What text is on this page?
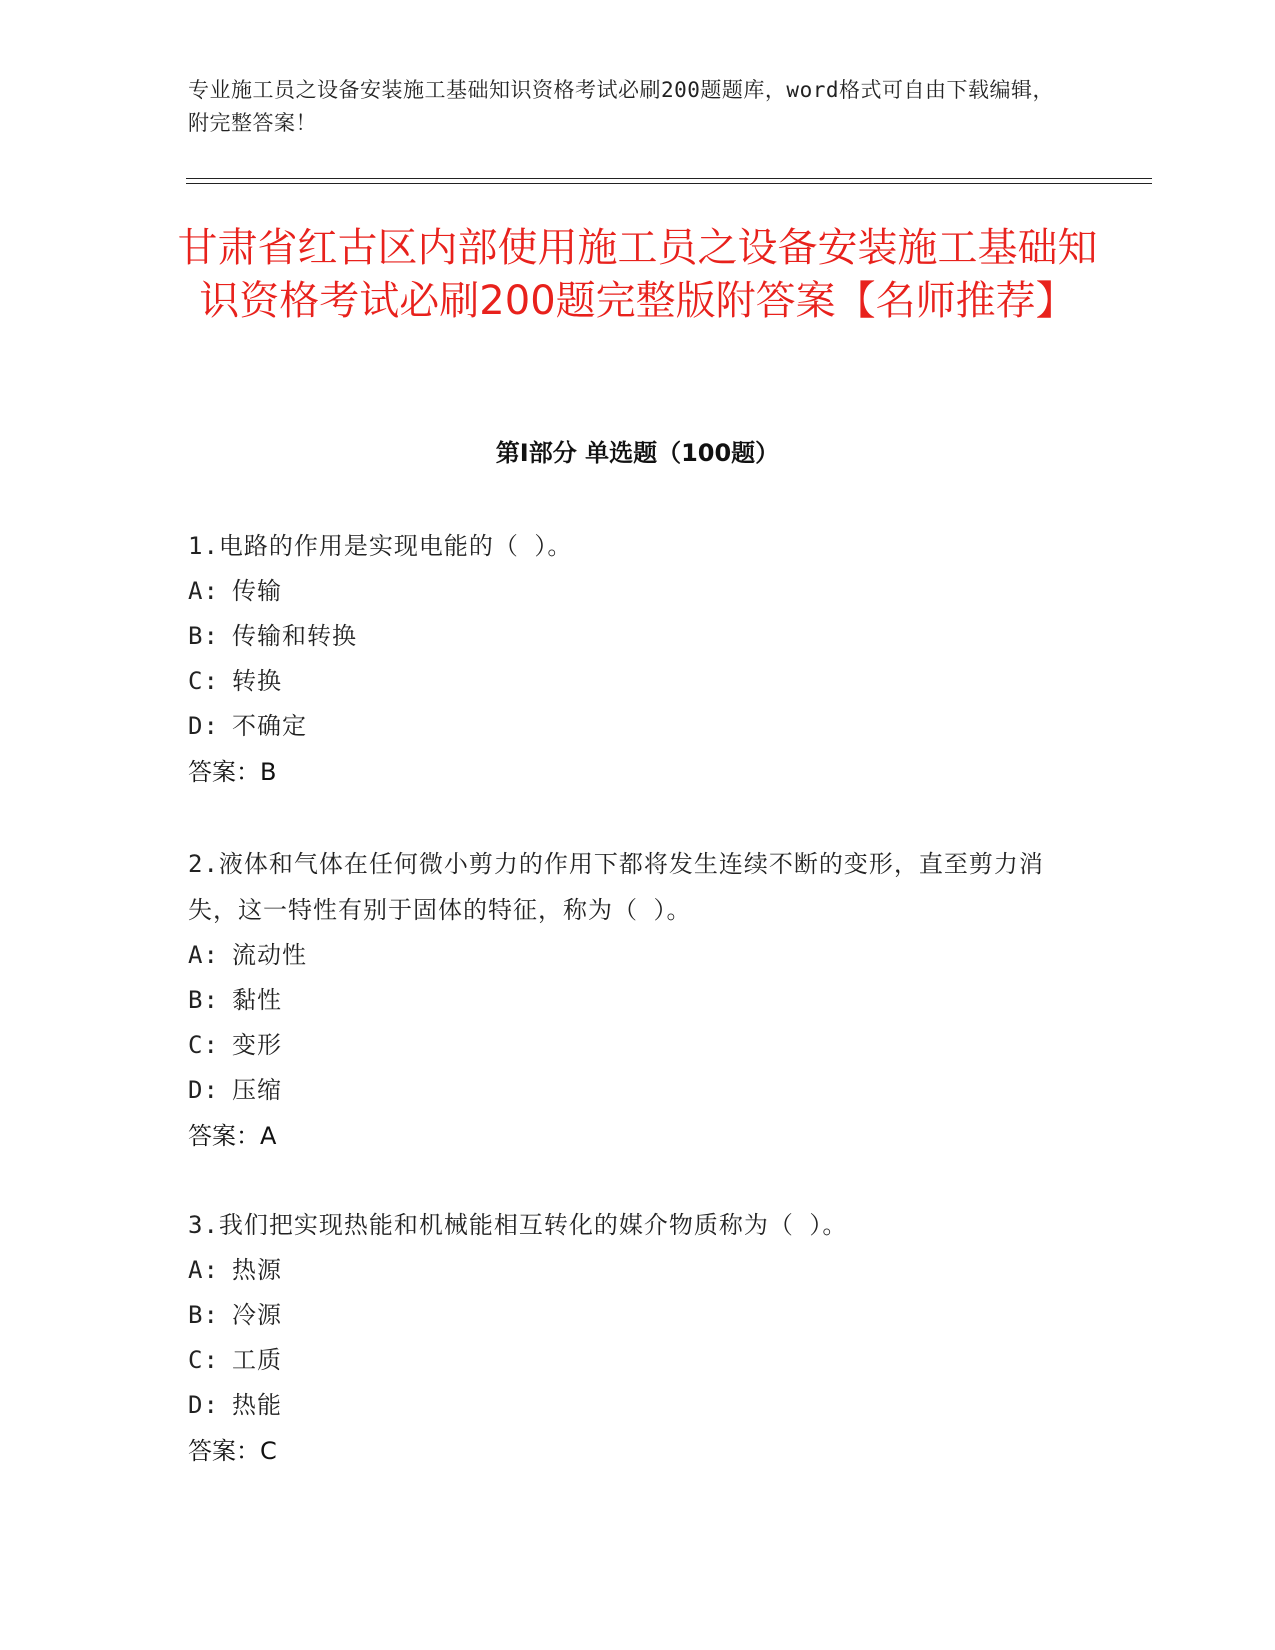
专业施工员之设备安装施工基础知识资格考试必刷200题题库，word格式可自由下载编辑，附完整答案！
甘肃省红古区内部使用施工员之设备安装施工基础知识资格考试必刷200题完整版附答案【名师推荐】
第Ⅰ部分 单选题（100题）

1.电路的作用是实现电能的（ ）。

A: 传输

B: 传输和转换

C: 转换

D: 不确定

答案：B

2.液体和气体在任何微小剪力的作用下都将发生连续不断的变形，直至剪力消失，这一特性有别于固体的特征，称为（ ）。

A: 流动性

B: 黏性

C: 变形

D: 压缩

答案：A

3.我们把实现热能和机械能相互转化的媒介物质称为（ ）。

A: 热源

B: 冷源

C: 工质

D: 热能

答案：C
